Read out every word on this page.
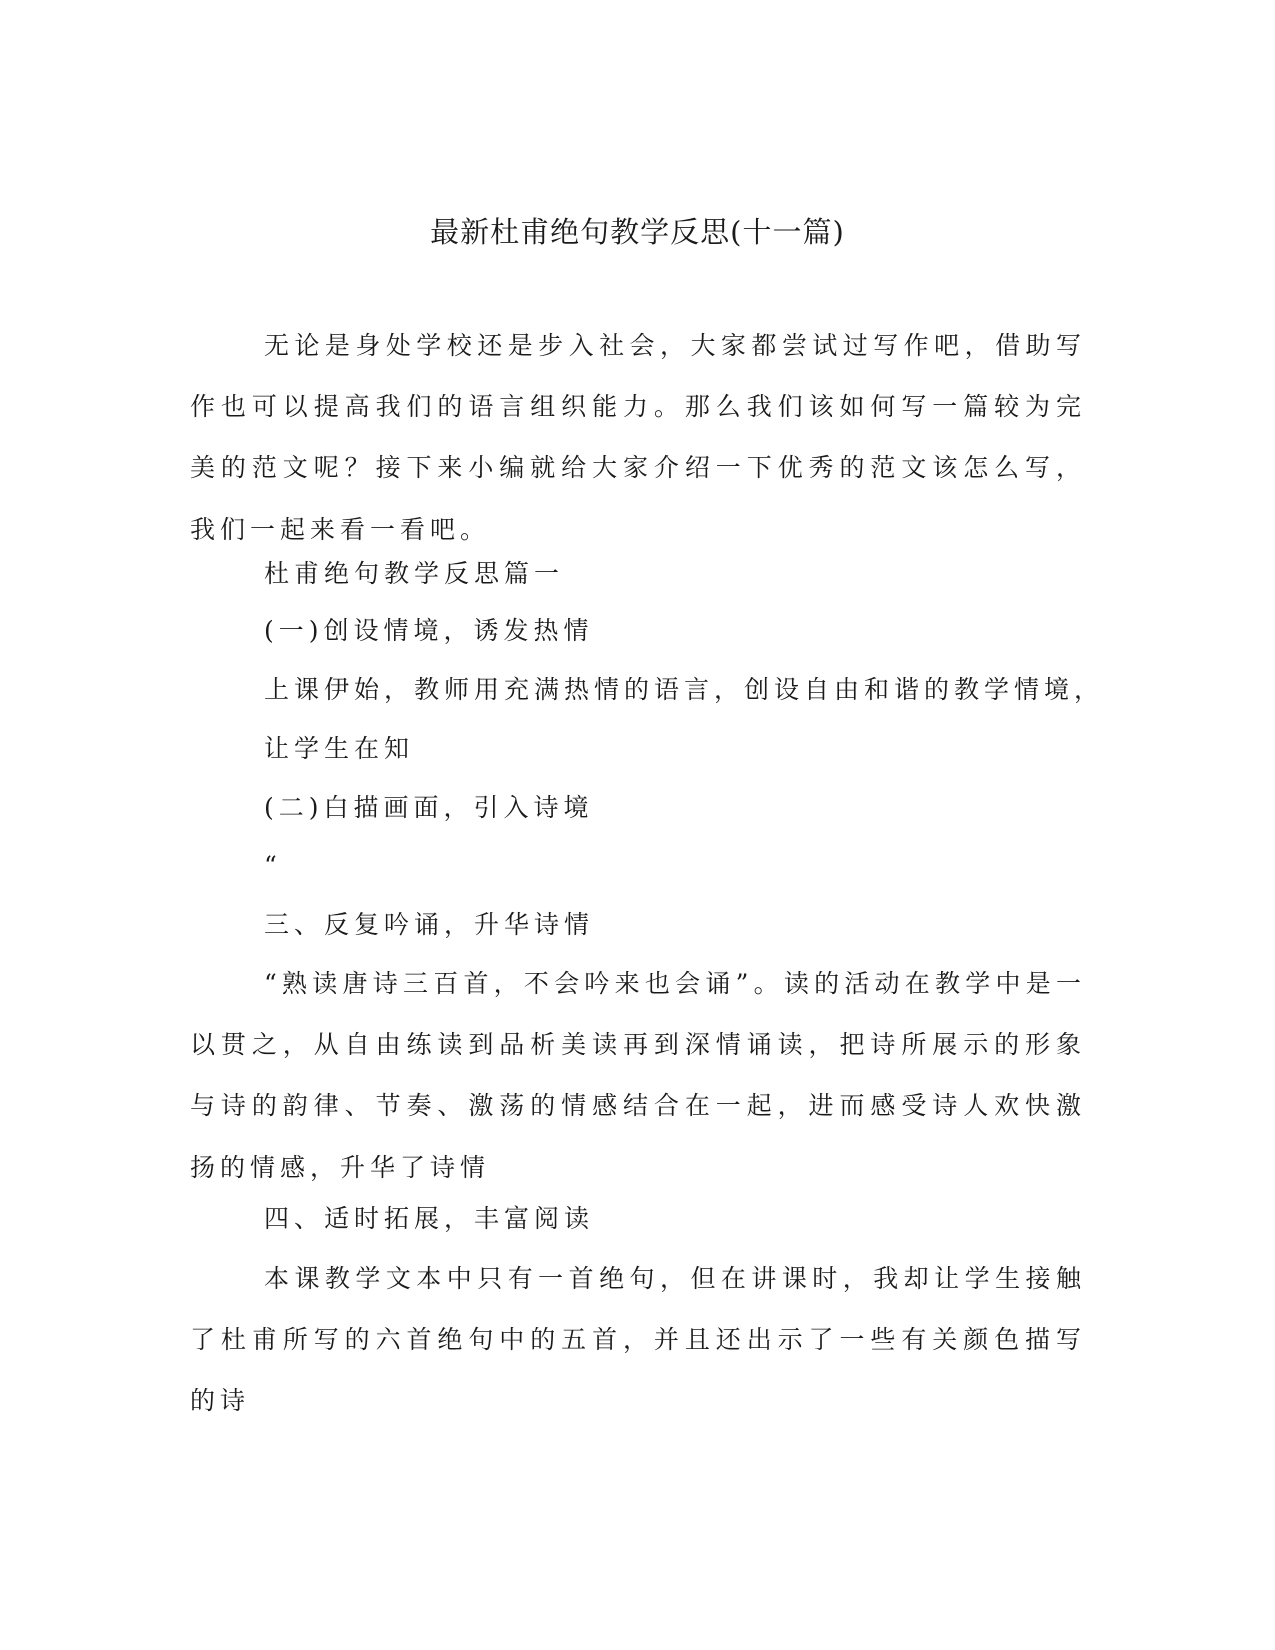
最新杜甫绝句教学反思(十一篇)

无论是身处学校还是步入社会，大家都尝试过写作吧，借助写作也可以提高我们的语言组织能力。那么我们该如何写一篇较为完美的范文呢？接下来小编就给大家介绍一下优秀的范文该怎么写，我们一起来看一看吧。

杜甫绝句教学反思篇一

(一)创设情境，诱发热情

上课伊始，教师用充满热情的语言，创设自由和谐的教学情境，

让学生在知

(二)白描画面，引入诗境

“

三、反复吟诵，升华诗情

“熟读唐诗三百首，不会吟来也会诵”。读的活动在教学中是一以贯之，从自由练读到品析美读再到深情诵读，把诗所展示的形象与诗的韵律、节奏、激荡的情感结合在一起，进而感受诗人欢快激扬的情感，升华了诗情

四、适时拓展，丰富阅读

本课教学文本中只有一首绝句，但在讲课时，我却让学生接触了杜甫所写的六首绝句中的五首，并且还出示了一些有关颜色描写的诗
